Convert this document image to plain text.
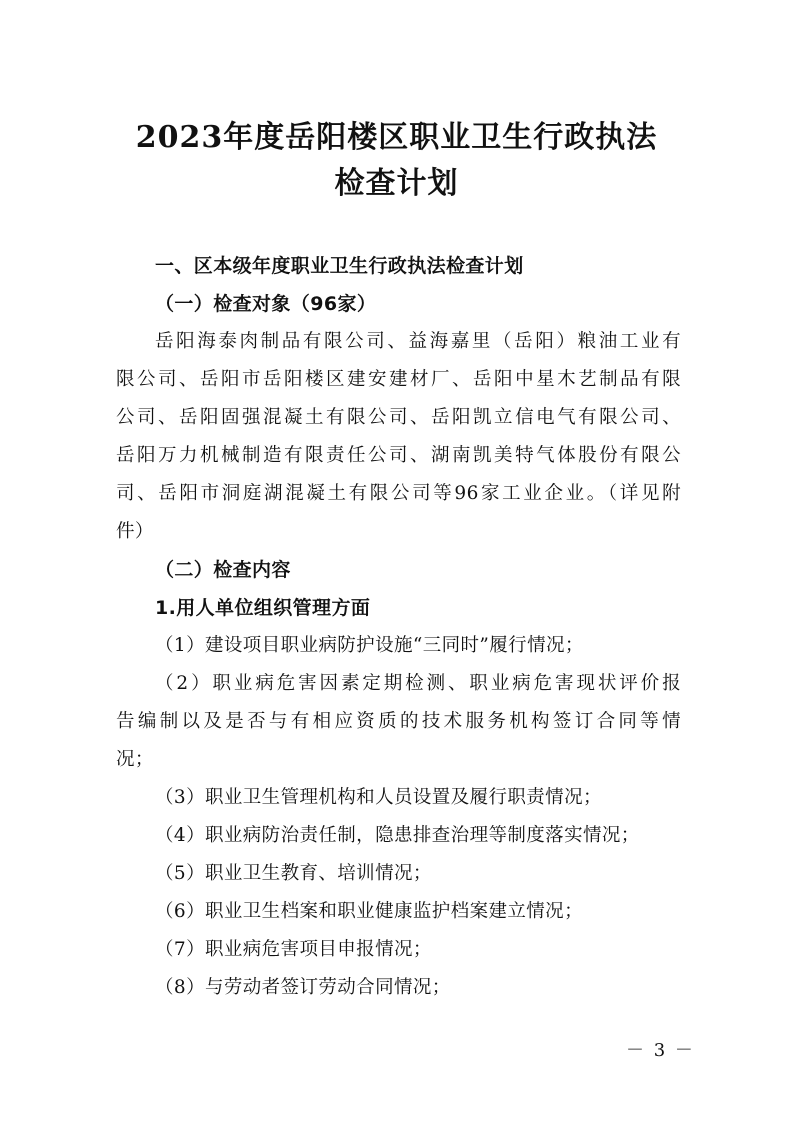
2023年度岳阳楼区职业卫生行政执法
检查计划
一、区本级年度职业卫生行政执法检查计划
（一）检查对象（96家）
岳阳海泰肉制品有限公司、益海嘉里（岳阳）粮油工业有
限公司、岳阳市岳阳楼区建安建材厂、岳阳中星木艺制品有限
公司、岳阳固强混凝土有限公司、岳阳凯立信电气有限公司、
岳阳万力机械制造有限责任公司、湖南凯美特气体股份有限公
司、岳阳市洞庭湖混凝土有限公司等96家工业企业。（详见附
件）
（二）检查内容
1.用人单位组织管理方面
（1）建设项目职业病防护设施“三同时”履行情况；
（2）职业病危害因素定期检测、职业病危害现状评价报
告编制以及是否与有相应资质的技术服务机构签订合同等情
况；
（3）职业卫生管理机构和人员设置及履行职责情况；
（4）职业病防治责任制，隐患排查治理等制度落实情况；
（5）职业卫生教育、培训情况；
（6）职业卫生档案和职业健康监护档案建立情况；
（7）职业病危害项目申报情况；
（8）与劳动者签订劳动合同情况；
－ 3 －
